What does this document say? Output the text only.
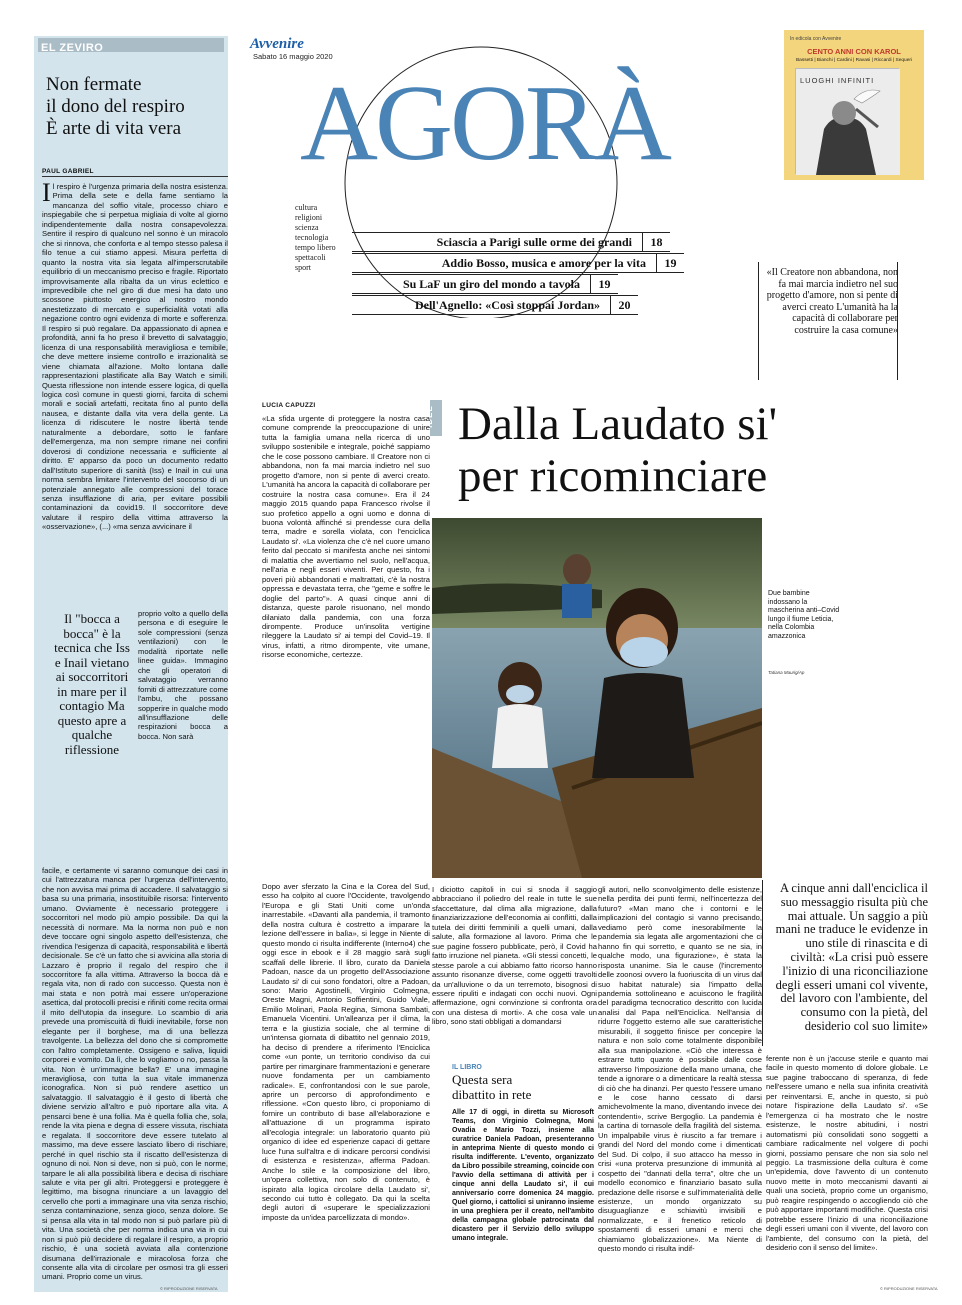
EL ZEVIRO
Non fermate
il dono del respiro
È arte di vita vera
PAUL GABRIEL
Il respiro è l'urgenza primaria della nostra esistenza. Prima della sete e della fame sentiamo la mancanza del soffio vitale, processo chiaro e inspiegabile che si perpetua migliaia di volte al giorno indipendentemente dalla nostra consapevolezza. Sentire il respiro di qualcuno nel sonno è un miracolo che si rinnova, che conforta e al tempo stesso palesa il filo tenue a cui stiamo appesi. Misura perfetta di quanto la nostra vita sia legata all'imperscrutabile equilibrio di un meccanismo preciso e fragile. Riportato improvvisamente alla ribalta da un virus eclettico e imprevedibile che nel giro di due mesi ha dato uno scossone piuttosto energico al nostro mondo anestetizzato di mercato e superficialità votati alla negazione contro ogni evidenza di morte e sofferenza. Il respiro si può regalare. Da appassionato di apnea e profondità, anni fa ho preso il brevetto di salvataggio, licenza di una responsabilità meravigliosa e temibile, che deve mettere insieme controllo e irrazionalità se viene chiamata all'azione. Molto lontana dalle rappresentazioni plastificate alla Bay Watch e simili. Questa riflessione non intende essere logica, di quella logica così comune in questi giorni, farcita di schemi morali e sociali artefatti, recitata fino al punto della nausea, e distante dalla vita vera della gente. La licenza di ridiscutere le nostre libertà tende naturalmente a debordare, sotto le fanfare dell'emergenza, ma non sempre rimane nei confini doverosi di condizione necessaria e sufficiente al diritto. E' apparso da poco un documento redatto dall'Istituto superiore di sanità (Iss) e Inail in cui una norma sembra limitare l'intervento del soccorso di un potenziale annegato alle compressioni del torace senza insufflazione di aria, per evitare possibili contaminazioni da covid19. Il soccorritore deve valutare il respiro della vittima attraverso la «osservazione», (...) «ma senza avvicinare il
Il "bocca a bocca" è la tecnica che Iss e Inail vietano ai soccorritori in mare per il contagio Ma questo apre a qualche riflessione
proprio volto a quello della persona e di eseguire le sole compressioni (senza ventilazioni) con le modalità riportate nelle linee guida». Immagino che gli operatori di salvataggio verranno forniti di attrezzature come l'ambu, che possano sopperire in qualche modo all'insufflazione delle respirazioni bocca a bocca. Non sarà
facile, e certamente vi saranno comunque dei casi in cui l'attrezzatura manca per l'urgenza dell'intervento, che non avvisa mai prima di accadere. Il salvataggio si basa su una primaria, insostituibile risorsa: l'intervento umano. Ovviamente è necessario proteggere i soccorritori nel modo più ampio possibile. Da qui la necessità di normare. Ma la norma non può e non deve toccare ogni singolo aspetto dell'esistenza, che rivendica l'esigenza di capacità, responsabilità e libertà decisionale. Se c'è un fatto che si avvicina alla storia di Lazzaro è proprio il regalo del respiro che il soccorritore fa alla vittima. Attraverso la bocca dà e regala vita, non di rado con successo. Questa non è mai stata e non potrà mai essere un'operazione asettica, dal protocolli precisi e rifiniti come recita ormai il mito dell'utopia da insegure. Lo scambio di aria prevede una promiscuità di fluidi inevitabile, forse non elegante per il borghese, ma di una bellezza travolgente. La bellezza del dono che si compromette con l'altro completamente. Ossigeno e saliva, liquidi corporei e vomito. Da lì, che lo vogliamo o no, passa la vita. Non è un'immagine bella? E' una immagine meravigliosa, con tutta la sua vitale immanenza iconografica. Non si può rendere asettico un salvataggio. Il salvataggio è il gesto di libertà che diviene servizio all'altro e può riportare alla vita. A pensarci bene è una follia. Ma è quella follia che, sola, rende la vita piena e degna di essere vissuta, rischiata e regalata. Il soccorritore deve essere tutelato al massimo, ma deve essere lasciato libero di rischiare, perché in quel rischio sta il riscatto dell'esistenza di ognuno di noi. Non si deve, non si può, con le norme, tarpare le ali alla possibilità libera e decisa di rischiare salute e vita per gli altri. Proteggersi e proteggere è legittimo, ma bisogna rinunciare a un lavaggio del cervello che porti a immaginare una vita senza rischio, senza contaminazione, senza gioco, senza dolore. Se si pensa alla vita in tal modo non si può parlare più di vita. Una società che per norma indica una via in cui non si può più decidere di regalare il respiro, a proprio rischio, è una società avviata alla contenzione disumana dell'irrazionale e miracolosa forza che consente alla vita di circolare per osmosi tra gli esseri umani. Proprio come un virus.
© RIPRODUZIONE RISERVATA
Avvenire
Sabato 16 maggio 2020
AGORÀ
cultura
religioni
scienza
tecnologia
tempo libero
spettacoli
sport
Sciascia a Parigi sulle orme dei grandi	18
Addio Bosso, musica e amore per la vita	19
Su LaF un giro del mondo a tavola	19
Dell'Agnello: «Così stoppai Jordan»	20
In edicola con Avvenire
CENTO ANNI CON KAROL
Bassetti | Bianchi | Cardini | Ravasi | Riccardi | Sequeri
LUOGHI INFINITI
«Il Creatore non abbandona, non fa mai marcia indietro nel suo progetto d'amore, non si pente di averci creato L'umanità ha la capacità di collaborare per costruire la casa comune»
LUCIA CAPUZZI	IDEE Dalla Laudato si'
per ricominciare
«La sfida urgente di proteggere la nostra casa comune comprende la preoccupazione di unire tutta la famiglia umana nella ricerca di uno sviluppo sostenibile e integrale, poiché sappiamo che le cose possono cambiare. Il Creatore non ci abbandona, non fa mai marcia indietro nel suo progetto d'amore, non si pente di averci creato. L'umanità ha ancora la capacità di collaborare per costruire la nostra casa comune». Era il 24 maggio 2015 quando papa Francesco rivolse il suo profetico appello a ogni uomo e donna di buona volontà affinché si prendesse cura della terra, madre e sorella violata, con l'enciclica Laudato si'. «La violenza che c'è nel cuore umano ferito dal peccato si manifesta anche nei sintomi di malattia che avvertiamo nel suolo, nell'acqua, nell'aria e negli esseri viventi. Per questo, fra i poveri più abbandonati e maltrattati, c'è la nostra oppressa e devastata terra, che "geme e soffre le doglie del parto"». A quasi cinque anni di distanza, queste parole risuonano, nel mondo dilaniato dalla pandemia, con una forza dirompente. Produce un'insolita vertigine rileggere la Laudato si' ai tempi del Covid–19. Il virus, infatti, a ritmo dirompente, vite umane, risorse economiche, certezze.
Dopo aver sferzato la Cina e la Corea del Sud, esso ha colpito al cuore l'Occidente, travolgendo l'Europa e gli Stati Uniti come un'onda inarrestabile. «Davanti alla pandemia, il tramonto della nostra cultura è costretto a imparare la lezione dell'essere in balìa», si legge in Niente di questo mondo ci risulta indifferente (Interno4) che oggi esce in ebook e il 28 maggio sarà sugli scaffali delle librerie. Il libro, curato da Daniela Padoan, nasce da un progetto dell'Associazione Laudato si' di cui sono fondatori, oltre a Padoan, sono: Mario Agostinelli, Virginio Colmegna, Oreste Magni, Antonio Soffientini, Guido Viale, Emilio Molinari, Paola Regina, Simona Sambati, Emanuela Vicentini. Un'alleanza per il clima, la terra e la giustizia sociale, che al termine di un'intensa giornata di dibattito nel gennaio 2019, ha deciso di prendere a riferimento l'Enciclica come «un ponte, un territorio condiviso da cui partire per rimarginare frammentazioni e generare nuove fondamenta per un cambiamento radicale». E, confrontandosi con le sue parole, aprire un percorso di approfondimento e riflessione. «Con questo libro, ci proponiamo di fornire un contributo di base all'elaborazione e all'attuazione di un programma ispirato all'ecologia integrale: un laboratorio quanto più organico di idee ed esperienze capaci di gettare luce l'una sull'altra e di indicare percorsi condivisi di esistenza e resistenza», afferma Padoan. Anche lo stile e la composizione del libro, un'opera collettiva, non solo di contenuto, è ispirato alla logica circolare della Laudato si', secondo cui tutto è collegato. Da qui la scelta degli autori di «superare le specializzazioni imposte da un'idea parcellizzata di mondo».
Due bambine indossano la mascherina anti–Covid lungo il fiume Leticia, nella Colombia amazzonica
Tatiana Maurig/Ap
I diciotto capitoli in cui si snoda il saggio abbracciano il poliedro del reale in tutte le sue sfaccettature, dal clima alla migrazione, dalla finanziarizzazione dell'economia ai conflitti, dalla tutela dei diritti femminili a quelli umani, dalla salute, alla formazione al lavoro. Prima che le sue pagine fossero pubblicate, però, il Covid ha fatto irruzione nel pianeta. «Gli stessi concetti, le stesse parole a cui abbiamo fatto ricorso hanno assunto risonanze diverse, come oggetti travolti da un'alluvione o da un terremoto, bisognosi di essere ripuliti e indagati con occhi nuovi. Ogni affermazione, ogni convinzione si confronta ora con una distesa di morti». A che cosa vale un libro, sono stati obbligati a domandarsi
gli autori, nello sconvolgimento delle esistenze, nella perdita dei punti fermi, nell'incertezza del futuro? «Man mano che i contorni e le implicazioni del contagio si vanno precisando, vediamo però come inesorabilmente la pandemia sia legata alle argomentazioni che ci hanno fin qui sorretto, e quanto se ne sia, in qualche modo, una figurazione», è stata la risposta unanime. Sia le cause (l'incremento delle zoonosi ovvero la fuoriuscita di un virus dal suo habitat naturale) sia l'impatto della pandemia sottolineano e acuiscono le fragilità del paradigma tecnocratico descritto con lucida analisi dal Papa nell'Enciclica. Nell'ansia di ridurre l'oggetto esterno alle sue caratteristiche misurabili, il soggetto finisce per concepire la natura e non solo come totalmente disponibile alla sua manipolazione. «Ciò che interessa è estrarre tutto quanto è possibile dalle cose attraverso l'imposizione della mano umana, che tende a ignorare o a dimenticare la realtà stessa di ciò che ha dinanzi. Per questo l'essere umano e le cose hanno cessato di darsi amichevolmente la mano, diventando invece dei contendenti», scrive Bergoglio. La pandemia è la cartina di tornasole della fragilità del sistema. Un impalpabile virus è riuscito a far tremare i grandi del Nord del mondo come i dimenticati del Sud. Di colpo, il suo attacco ha messo in crisi «una proterva presunzione di immunità al cospetto dei "dannati della terra", oltre che un modello economico e finanziario basato sulla predazione delle risorse e sull'immaterialità delle esistenze, un mondo organizzato su disuguaglianze e schiavitù invisibili e normalizzate, e il frenetico reticolo di spostamenti di esseri umani e merci che chiamiamo globalizzazione». Ma Niente di questo mondo ci risulta indif-
IL LIBRO
Questa sera
dibattito in rete
Alle 17 di oggi, in diretta su Microsoft Teams, don Virginio Colmegna, Moni Ovadia e Mario Tozzi, insieme alla curatrice Daniela Padoan, presenteranno in anteprima Niente di questo mondo ci risulta indifferente. L'evento, organizzato da Libro possibile streaming, coincide con l'avvio della settimana di attività per i cinque anni della Laudato si', il cui anniversario corre domenica 24 maggio. Quel giorno, i cattolici si uniranno insieme in una preghiera per il creato, nell'ambito della campagna globale patrocinata dal dicastero per il Servizio dello sviluppo umano integrale.
A cinque anni dall'enciclica il suo messaggio risulta più che mai attuale. Un saggio a più mani ne traduce le evidenze in uno stile di rinascita e di civiltà: «La crisi può essere l'inizio di una riconciliazione degli esseri umani col vivente, del lavoro con l'ambiente, del consumo con la pietà, del desiderio col suo limite»
ferente non è un j'accuse sterile e quanto mai facile in questo momento di dolore globale. Le sue pagine traboccano di speranza, di fede nell'essere umano e nella sua infinita creatività per reinventarsi. E, anche in questo, si può notare l'ispirazione della Laudato si'. «Se l'emergenza ci ha mostrato che le nostre esistenze, le nostre abitudini, i nostri automatismi più consolidati sono soggetti a cambiare radicalmente nel volgere di pochi giorni, possiamo pensare che non sia solo nel peggio. La trasmissione della cultura è come un'epidemia, dove l'avvento di un contenuto nuovo mette in moto meccanismi davanti ai quali una società, proprio come un organismo, può reagire respingendo o accogliendo ciò che può apportare importanti modifiche. Questa crisi potrebbe essere l'inizio di una riconciliazione degli esseri umani con il vivente, del lavoro con l'ambiente, del consumo con la pietà, del desiderio con il senso del limite».
© RIPRODUZIONE RISERVATA
